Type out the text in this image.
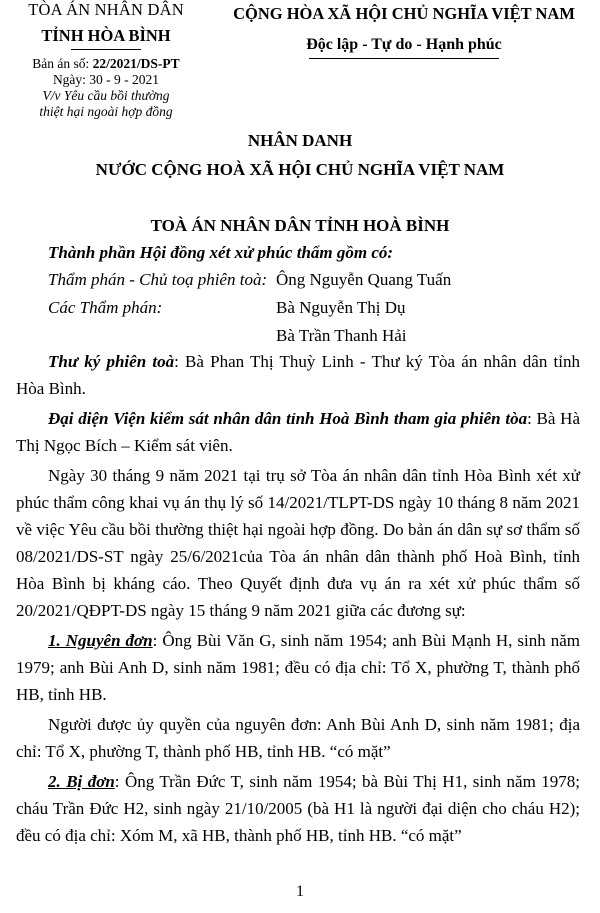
TÒA ÁN NHÂN DÂN
TỈNH HÒA BÌNH
Bản án số: 22/2021/DS-PT
Ngày: 30 - 9 - 2021
V/v Yêu cầu bồi thường
thiệt hại ngoài hợp đồng
CỘNG HÒA XÃ HỘI CHỦ NGHĨA VIỆT NAM
Độc lập - Tự do - Hạnh phúc
NHÂN DANH
NƯỚC CỘNG HOÀ XÃ HỘI CHỦ NGHĨA VIỆT NAM
TOÀ ÁN NHÂN DÂN TỈNH HOÀ BÌNH
Thành phần Hội đồng xét xử phúc thẩm gồm có:
Thẩm phán - Chủ toạ phiên toà: Ông Nguyễn Quang Tuấn
Các Thẩm phán:	Bà Nguyễn Thị Dụ
Bà Trần Thanh Hải

Thư ký phiên toà: Bà Phan Thị Thuỳ Linh - Thư ký Tòa án nhân dân tỉnh Hòa Bình.

Đại diện Viện kiểm sát nhân dân tỉnh Hoà Bình tham gia phiên tòa: Bà Hà Thị Ngọc Bích – Kiểm sát viên.

Ngày 30 tháng 9 năm 2021 tại trụ sở Tòa án nhân dân tỉnh Hòa Bình xét xử phúc thẩm công khai vụ án thụ lý số 14/2021/TLPT-DS ngày 10 tháng 8 năm 2021 về việc Yêu cầu bồi thường thiệt hại ngoài hợp đồng. Do bản án dân sự sơ thẩm số 08/2021/DS-ST ngày 25/6/2021của Tòa án nhân dân thành phố Hoà Bình, tỉnh Hòa Bình bị kháng cáo. Theo Quyết định đưa vụ án ra xét xử phúc thẩm số 20/2021/QĐPT-DS ngày 15 tháng 9 năm 2021 giữa các đương sự:

1. Nguyên đơn: Ông Bùi Văn G, sinh năm 1954; anh Bùi Mạnh H, sinh năm 1979; anh Bùi Anh D, sinh năm 1981; đều có địa chỉ: Tổ X, phường T, thành phố HB, tỉnh HB.

Người được ủy quyền của nguyên đơn: Anh Bùi Anh D, sinh năm 1981; địa chỉ: Tổ X, phường T, thành phố HB, tỉnh HB. “có mặt”

2. Bị đơn: Ông Trần Đức T, sinh năm 1954; bà Bùi Thị H1, sinh năm 1978; cháu Trần Đức H2, sinh ngày 21/10/2005 (bà H1 là người đại diện cho cháu H2); đều có địa chỉ: Xóm M, xã HB, thành phố HB, tỉnh HB. “có mặt”

1
